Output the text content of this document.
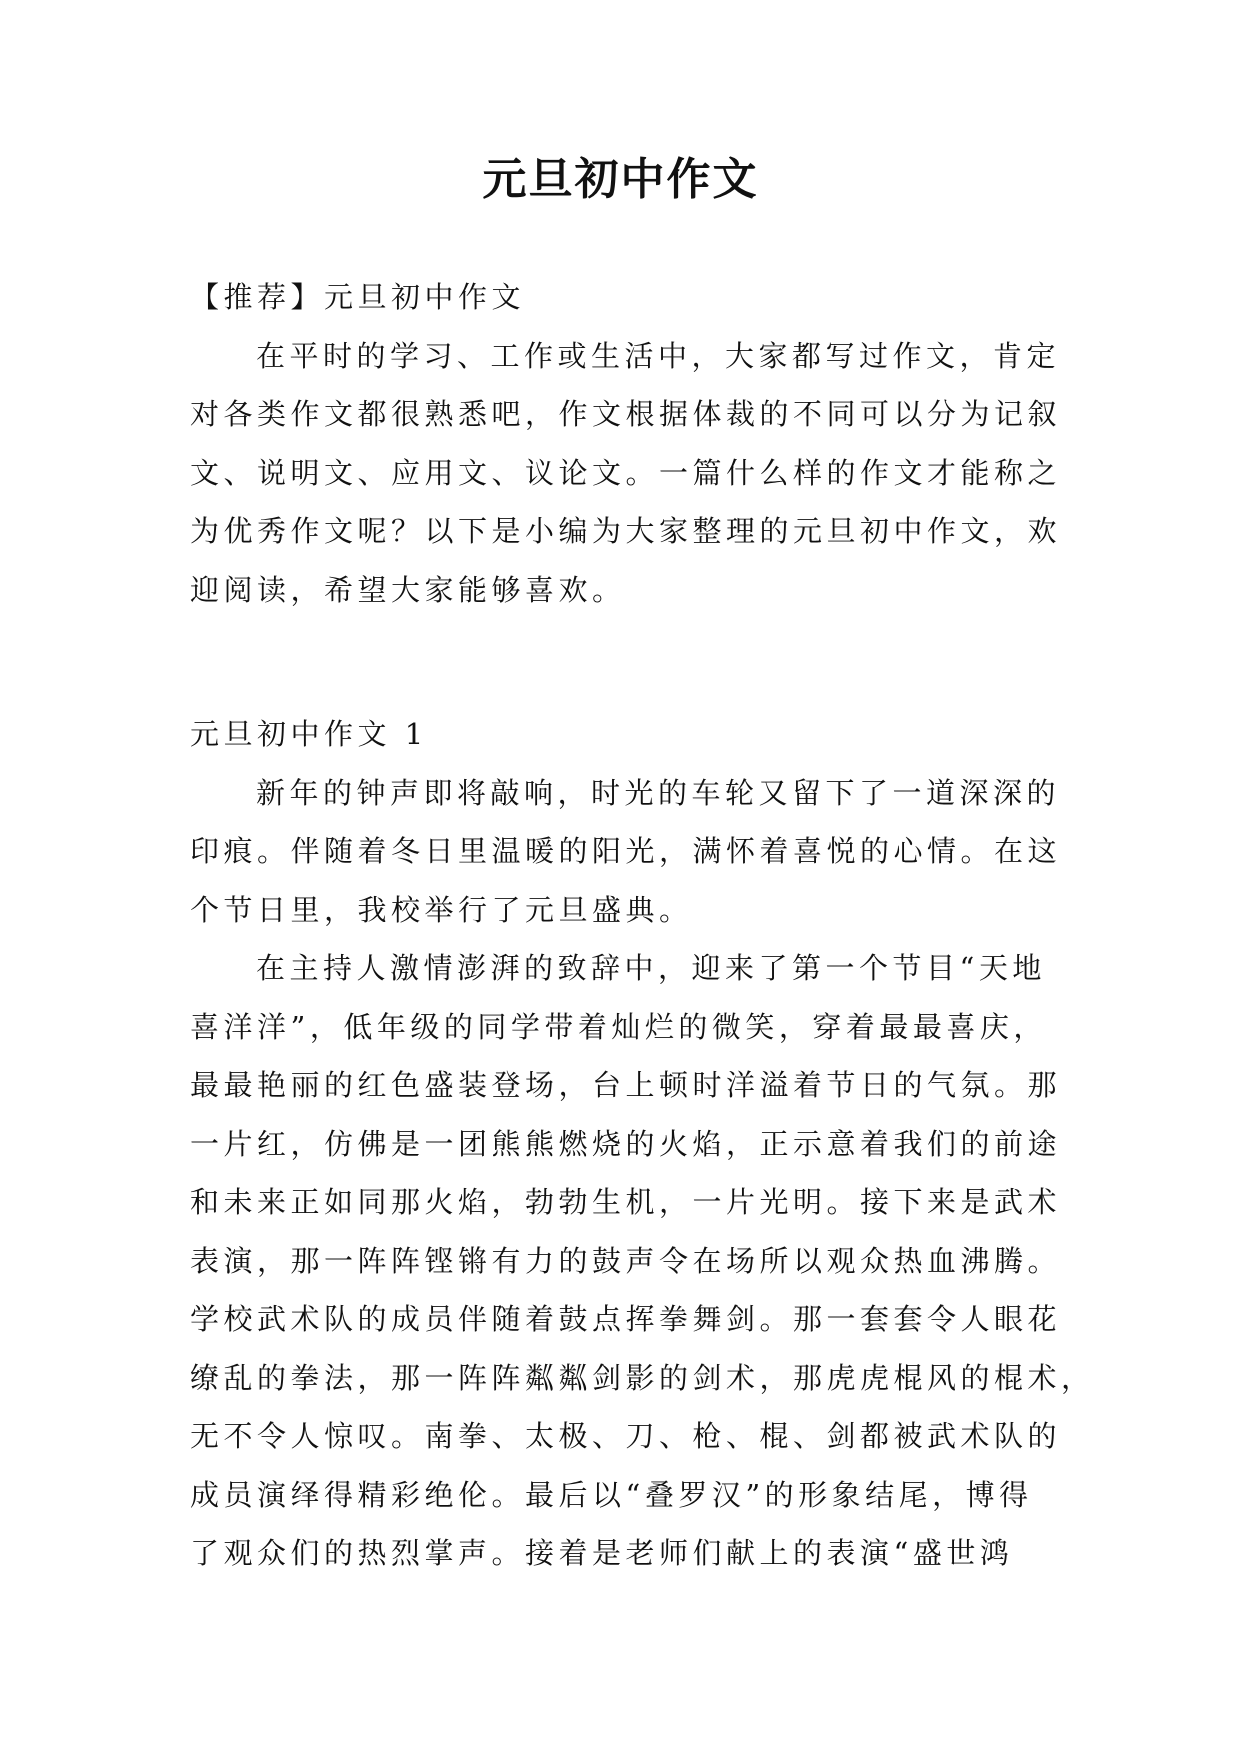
元旦初中作文
【推荐】元旦初中作文
在平时的学习、工作或生活中，大家都写过作文，肯定
对各类作文都很熟悉吧，作文根据体裁的不同可以分为记叙
文、说明文、应用文、议论文。一篇什么样的作文才能称之
为优秀作文呢？以下是小编为大家整理的元旦初中作文，欢
迎阅读，希望大家能够喜欢。
元旦初中作文 1
新年的钟声即将敲响，时光的车轮又留下了一道深深的
印痕。伴随着冬日里温暖的阳光，满怀着喜悦的心情。在这
个节日里，我校举行了元旦盛典。
在主持人激情澎湃的致辞中，迎来了第一个节目“天地
喜洋洋”，低年级的同学带着灿烂的微笑，穿着最最喜庆，
最最艳丽的红色盛装登场，台上顿时洋溢着节日的气氛。那
一片红，仿佛是一团熊熊燃烧的火焰，正示意着我们的前途
和未来正如同那火焰，勃勃生机，一片光明。接下来是武术
表演，那一阵阵铿锵有力的鼓声令在场所以观众热血沸腾。
学校武术队的成员伴随着鼓点挥拳舞剑。那一套套令人眼花
缭乱的拳法，那一阵阵粼粼剑影的剑术，那虎虎棍风的棍术，
无不令人惊叹。南拳、太极、刀、枪、棍、剑都被武术队的
成员演绎得精彩绝伦。最后以“叠罗汉”的形象结尾，博得
了观众们的热烈掌声。接着是老师们献上的表演“盛世鸿
